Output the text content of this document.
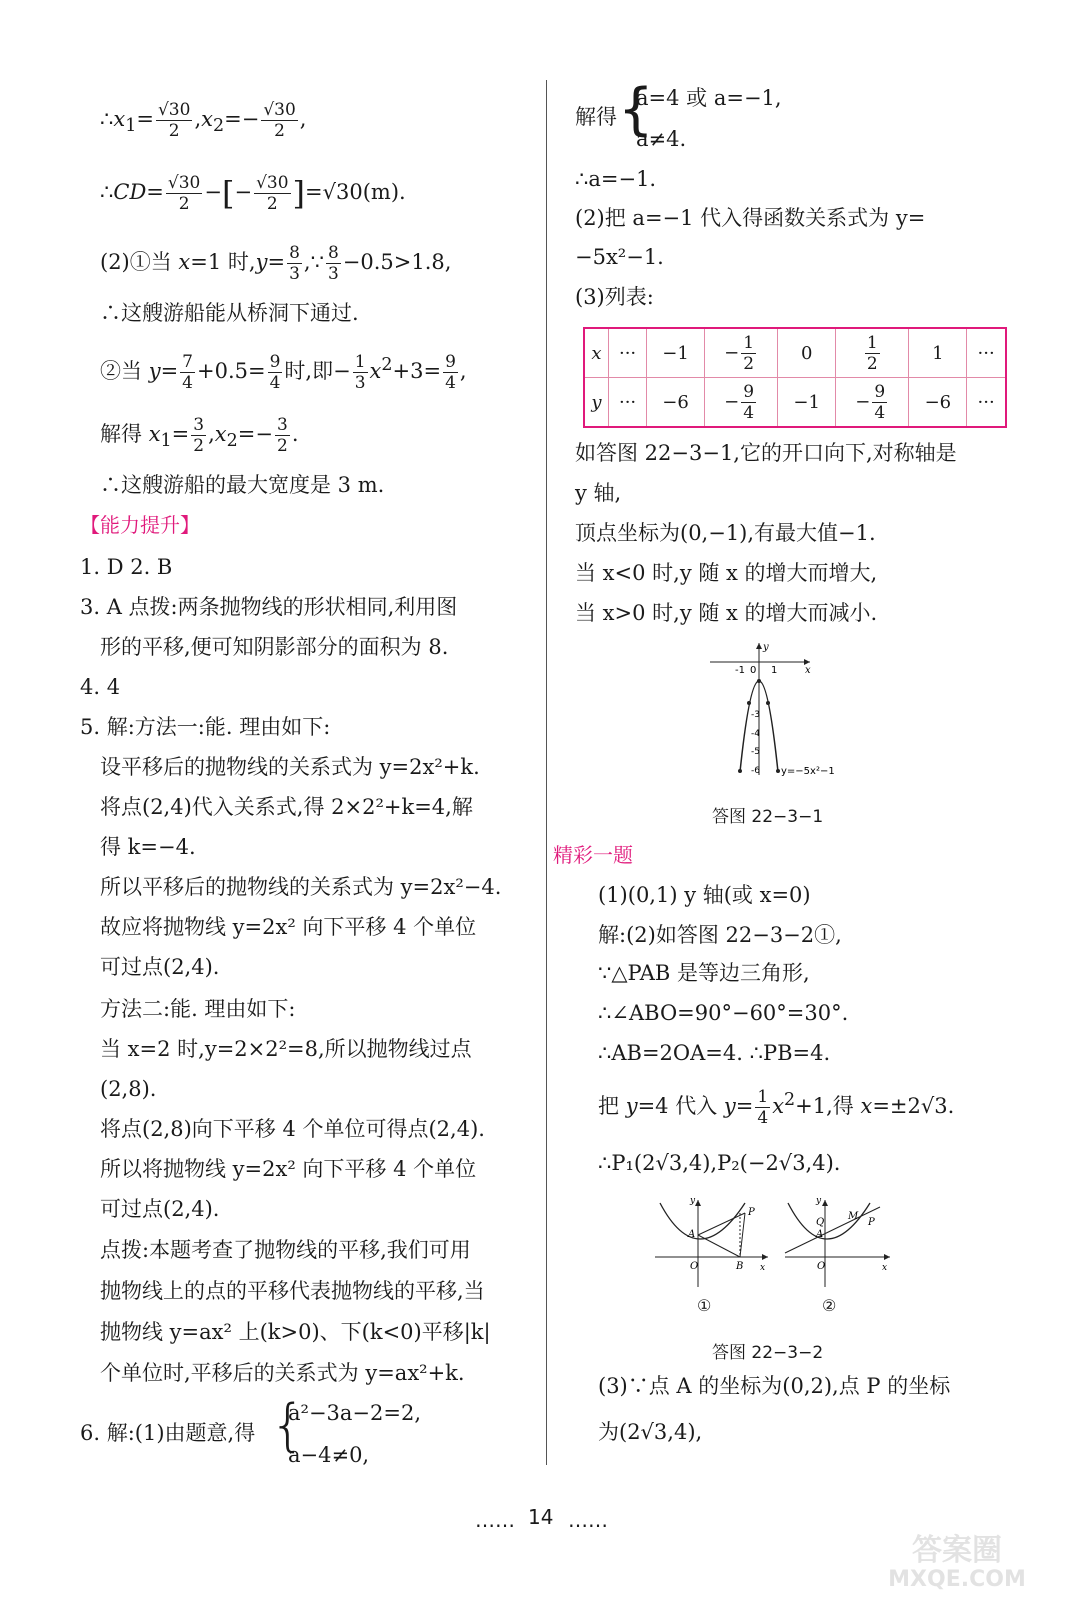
$\therefore x_1= \frac{√30}{2} ,x_2=- \frac{√30}{2}$ ,
∴CD= $\frac{√30}{2}$ −[− $\frac{√30}{2} ]=√30(m)$.
(2)①当 x=1 时$,y= \frac{8}{3}$ ,∵ $\frac{8}{3} -0.5>1.8$,
∴这艘游船能从桥洞下通过.
②当 $y= \frac{7}{4} +0.5= \frac{9}{4}$ 时,即− $\frac{1}{3} x^2+3= \frac{9}{4}$ ,
解得 $x_1= \frac{3}{2} ,x_2=- \frac{3}{2}$ .
∴这艘游船的最大宽度是 3 m.
【能力提升】
1. D 2. B
3. A 点拨:两条抛物线的形状相同,利用图
形的平移,便可知阴影部分的面积为 8.
4. 4
5. 解:方法一:能. 理由如下:
设平移后的抛物线的关系式为 y=2x²+k.
将点(2,4)代入关系式,得 2×2²+k=4,解
得 k=−4.
所以平移后的抛物线的关系式为 y=2x²−4.
故应将抛物线 y=2x² 向下平移 4 个单位
可过点(2,4).
方法二:能. 理由如下:
当 x=2 时,y=2×2²=8,所以抛物线过点
(2,8).
将点(2,8)向下平移 4 个单位可得点(2,4).
所以将抛物线 y=2x² 向下平移 4 个单位
可过点(2,4).
点拨:本题考查了抛物线的平移,我们可用
抛物线上的点的平移代表抛物线的平移,当
抛物线 y=ax² 上(k>0)、下(k<0)平移|k|
个单位时,平移后的关系式为 y=ax²+k.
6. 解:(1)由题意,得 {
a²−3a−2=2,
a−4≠0,
解得 {
a=4 或 a=−1,
a≠4.
∴a=−1.
(2)把 a=−1 代入得函数关系式为 y=
−5x²−1.
(3)列表:
x	···	−1	− $\frac{1}{2}$	0	$\frac{1}{2}$	1	···
y	···	−6	− $\frac{9}{4}$	−1	− $\frac{9}{4}$	−6	···
如答图 22−3−1,它的开口向下,对称轴是
y 轴,
顶点坐标为(0,−1),有最大值−1.
当 x<0 时,y 随 x 的增大而增大,
当 x>0 时,y 随 x 的增大而减小.
y
x
-1 0 1
-3
-4
-5
-6 y=−5x²−1
答图 22−3−1
精彩一题
(1)(0,1) y 轴(或 x=0)
解:(2)如答图 22−3−2①,
∵△PAB 是等边三角形,
∴∠ABO=90°−60°=30°.
∴AB=2OA=4. ∴PB=4.
把 y=4 代入 $y= \frac{1}{4} x^2+1$,得 x=±2√3.
∴P₁(2√3,4),P₂(−2√3,4).
y
A
P
B
O	x
y
Q
A
M
P
O	x
①	②
答图 22−3−2
(3)∵点 A 的坐标为(0,2),点 P 的坐标
为(2√3,4),
…… 14 ……
答案圈
MXQE.COM
